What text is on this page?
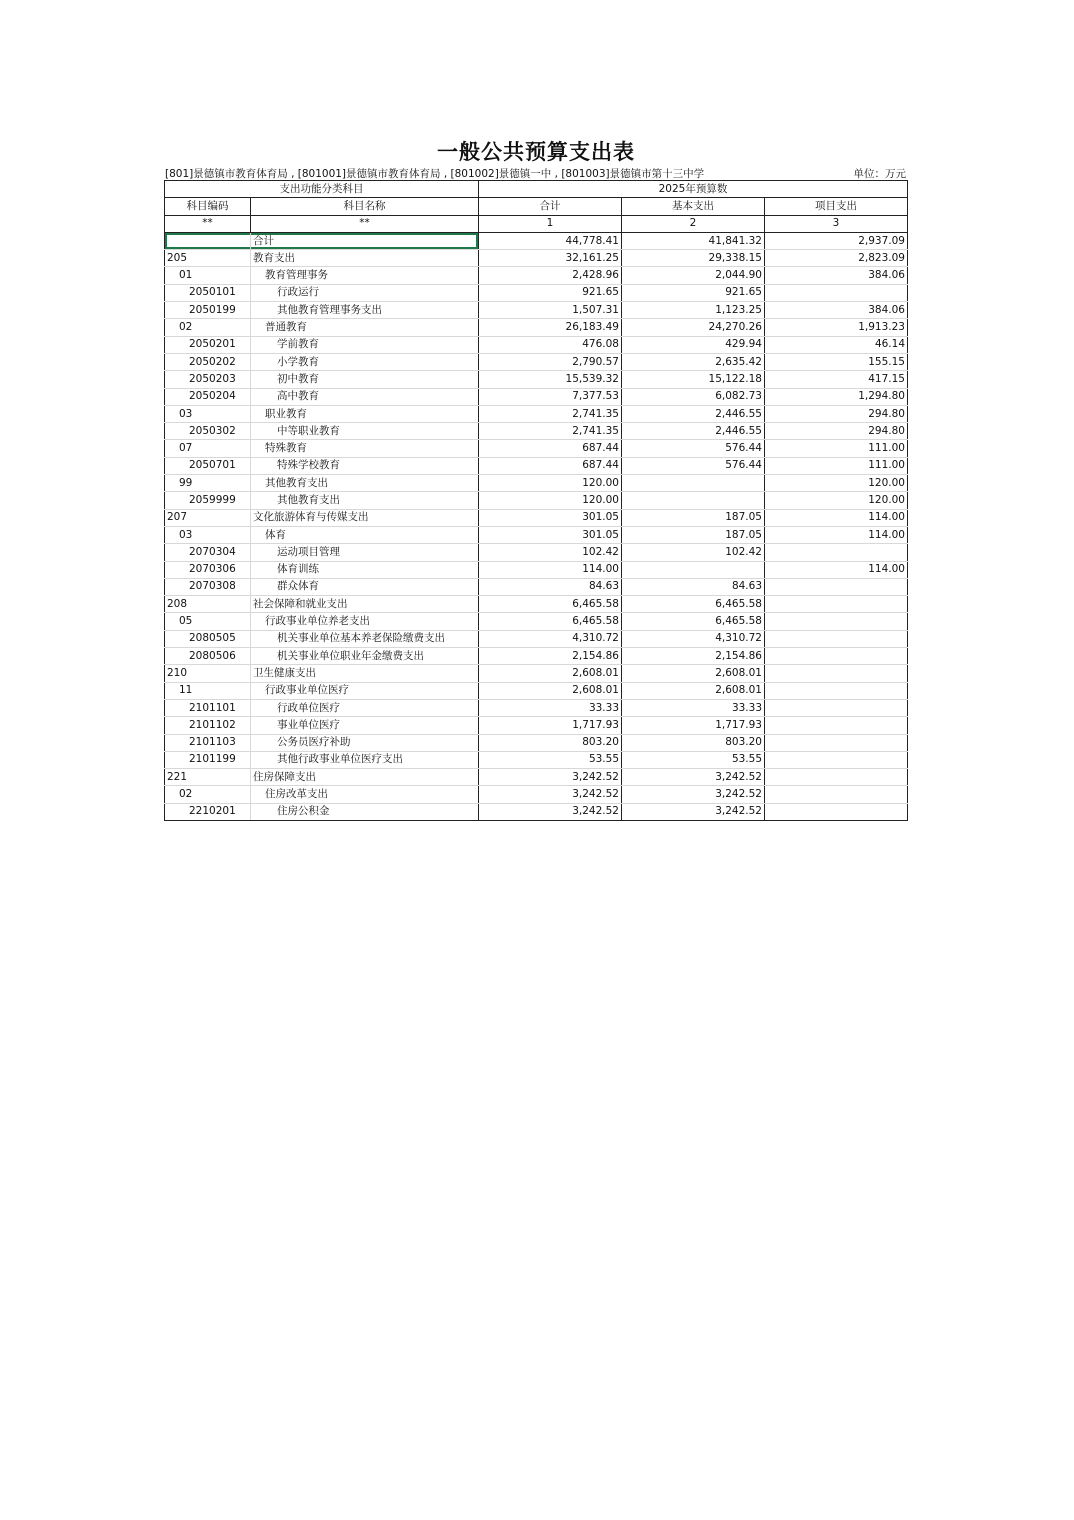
一般公共预算支出表
[801]景德镇市教育体育局 , [801001]景德镇市教育体育局 , [801002]景德镇一中 , [801003]景德镇市第十三中学	单位：万元
支出功能分类科目		2025年预算数		
科目编码	科目名称	合计	基本支出	项目支出
**	**	1	2	3
	合计	44,778.41	41,841.32	2,937.09
205	教育支出	32,161.25	29,338.15	2,823.09
01	教育管理事务	2,428.96	2,044.90	384.06
2050101	行政运行	921.65	921.65	
2050199	其他教育管理事务支出	1,507.31	1,123.25	384.06
02	普通教育	26,183.49	24,270.26	1,913.23
2050201	学前教育	476.08	429.94	46.14
2050202	小学教育	2,790.57	2,635.42	155.15
2050203	初中教育	15,539.32	15,122.18	417.15
2050204	高中教育	7,377.53	6,082.73	1,294.80
03	职业教育	2,741.35	2,446.55	294.80
2050302	中等职业教育	2,741.35	2,446.55	294.80
07	特殊教育	687.44	576.44	111.00
2050701	特殊学校教育	687.44	576.44	111.00
99	其他教育支出	120.00		120.00
2059999	其他教育支出	120.00		120.00
207	文化旅游体育与传媒支出	301.05	187.05	114.00
03	体育	301.05	187.05	114.00
2070304	运动项目管理	102.42	102.42	
2070306	体育训练	114.00		114.00
2070308	群众体育	84.63	84.63	
208	社会保障和就业支出	6,465.58	6,465.58	
05	行政事业单位养老支出	6,465.58	6,465.58	
2080505	机关事业单位基本养老保险缴费支出	4,310.72	4,310.72	
2080506	机关事业单位职业年金缴费支出	2,154.86	2,154.86	
210	卫生健康支出	2,608.01	2,608.01	
11	行政事业单位医疗	2,608.01	2,608.01	
2101101	行政单位医疗	33.33	33.33	
2101102	事业单位医疗	1,717.93	1,717.93	
2101103	公务员医疗补助	803.20	803.20	
2101199	其他行政事业单位医疗支出	53.55	53.55	
221	住房保障支出	3,242.52	3,242.52	
02	住房改革支出	3,242.52	3,242.52	
2210201	住房公积金	3,242.52	3,242.52	
